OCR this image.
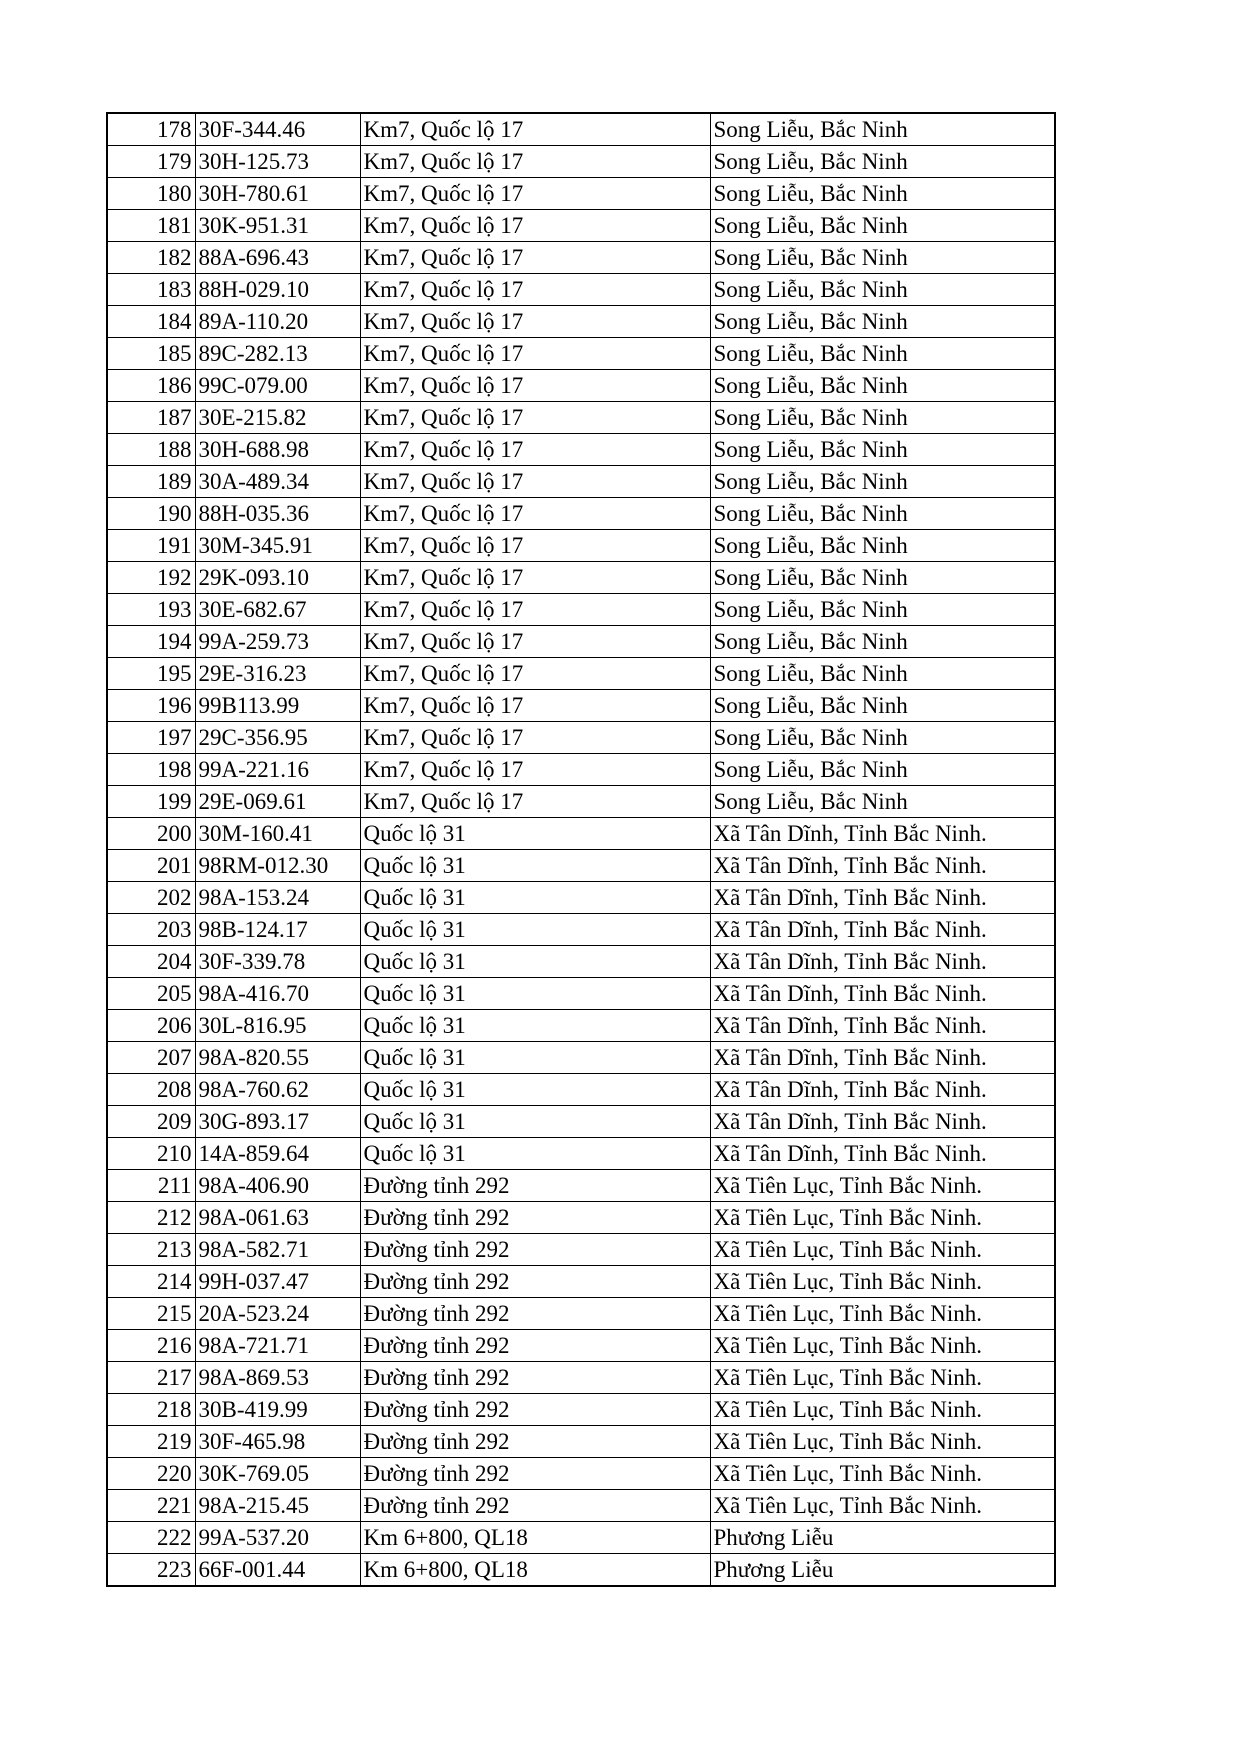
178	30F-344.46	Km7, Quốc lộ 17	Song Liễu, Bắc Ninh
179	30H-125.73	Km7, Quốc lộ 17	Song Liễu, Bắc Ninh
180	30H-780.61	Km7, Quốc lộ 17	Song Liễu, Bắc Ninh
181	30K-951.31	Km7, Quốc lộ 17	Song Liễu, Bắc Ninh
182	88A-696.43	Km7, Quốc lộ 17	Song Liễu, Bắc Ninh
183	88H-029.10	Km7, Quốc lộ 17	Song Liễu, Bắc Ninh
184	89A-110.20	Km7, Quốc lộ 17	Song Liễu, Bắc Ninh
185	89C-282.13	Km7, Quốc lộ 17	Song Liễu, Bắc Ninh
186	99C-079.00	Km7, Quốc lộ 17	Song Liễu, Bắc Ninh
187	30E-215.82	Km7, Quốc lộ 17	Song Liễu, Bắc Ninh
188	30H-688.98	Km7, Quốc lộ 17	Song Liễu, Bắc Ninh
189	30A-489.34	Km7, Quốc lộ 17	Song Liễu, Bắc Ninh
190	88H-035.36	Km7, Quốc lộ 17	Song Liễu, Bắc Ninh
191	30M-345.91	Km7, Quốc lộ 17	Song Liễu, Bắc Ninh
192	29K-093.10	Km7, Quốc lộ 17	Song Liễu, Bắc Ninh
193	30E-682.67	Km7, Quốc lộ 17	Song Liễu, Bắc Ninh
194	99A-259.73	Km7, Quốc lộ 17	Song Liễu, Bắc Ninh
195	29E-316.23	Km7, Quốc lộ 17	Song Liễu, Bắc Ninh
196	99B113.99	Km7, Quốc lộ 17	Song Liễu, Bắc Ninh
197	29C-356.95	Km7, Quốc lộ 17	Song Liễu, Bắc Ninh
198	99A-221.16	Km7, Quốc lộ 17	Song Liễu, Bắc Ninh
199	29E-069.61	Km7, Quốc lộ 17	Song Liễu, Bắc Ninh
200	30M-160.41	Quốc lộ 31	Xã Tân Dĩnh, Tỉnh Bắc Ninh.
201	98RM-012.30	Quốc lộ 31	Xã Tân Dĩnh, Tỉnh Bắc Ninh.
202	98A-153.24	Quốc lộ 31	Xã Tân Dĩnh, Tỉnh Bắc Ninh.
203	98B-124.17	Quốc lộ 31	Xã Tân Dĩnh, Tỉnh Bắc Ninh.
204	30F-339.78	Quốc lộ 31	Xã Tân Dĩnh, Tỉnh Bắc Ninh.
205	98A-416.70	Quốc lộ 31	Xã Tân Dĩnh, Tỉnh Bắc Ninh.
206	30L-816.95	Quốc lộ 31	Xã Tân Dĩnh, Tỉnh Bắc Ninh.
207	98A-820.55	Quốc lộ 31	Xã Tân Dĩnh, Tỉnh Bắc Ninh.
208	98A-760.62	Quốc lộ 31	Xã Tân Dĩnh, Tỉnh Bắc Ninh.
209	30G-893.17	Quốc lộ 31	Xã Tân Dĩnh, Tỉnh Bắc Ninh.
210	14A-859.64	Quốc lộ 31	Xã Tân Dĩnh, Tỉnh Bắc Ninh.
211	98A-406.90	Đường tỉnh 292	Xã Tiên Lục, Tỉnh Bắc Ninh.
212	98A-061.63	Đường tỉnh 292	Xã Tiên Lục, Tỉnh Bắc Ninh.
213	98A-582.71	Đường tỉnh 292	Xã Tiên Lục, Tỉnh Bắc Ninh.
214	99H-037.47	Đường tỉnh 292	Xã Tiên Lục, Tỉnh Bắc Ninh.
215	20A-523.24	Đường tỉnh 292	Xã Tiên Lục, Tỉnh Bắc Ninh.
216	98A-721.71	Đường tỉnh 292	Xã Tiên Lục, Tỉnh Bắc Ninh.
217	98A-869.53	Đường tỉnh 292	Xã Tiên Lục, Tỉnh Bắc Ninh.
218	30B-419.99	Đường tỉnh 292	Xã Tiên Lục, Tỉnh Bắc Ninh.
219	30F-465.98	Đường tỉnh 292	Xã Tiên Lục, Tỉnh Bắc Ninh.
220	30K-769.05	Đường tỉnh 292	Xã Tiên Lục, Tỉnh Bắc Ninh.
221	98A-215.45	Đường tỉnh 292	Xã Tiên Lục, Tỉnh Bắc Ninh.
222	99A-537.20	Km 6+800, QL18	Phương Liễu
223	66F-001.44	Km 6+800, QL18	Phương Liễu
